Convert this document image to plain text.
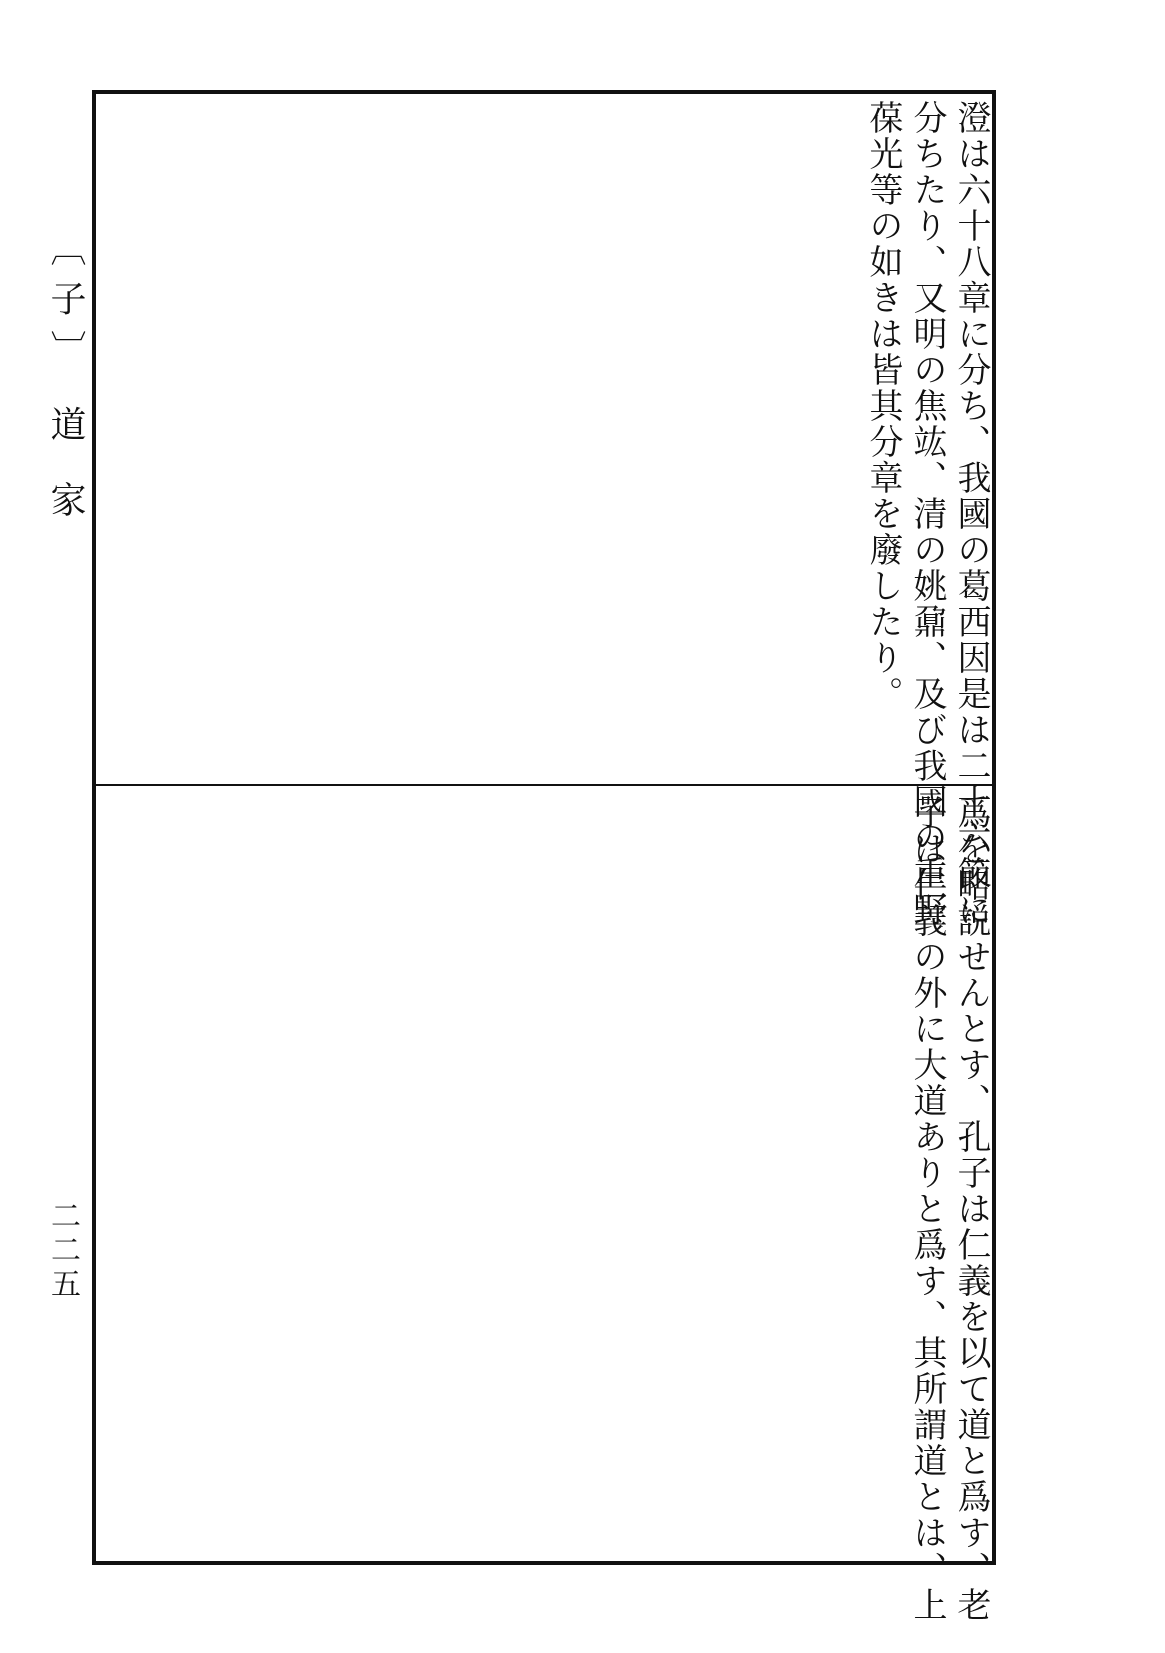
〔子〕 道 家
二二五
澄は六十八章に分ち、我國の葛西因是は二十六節に
分ちたり、又明の焦竑、清の姚鼐、及び我國の重野
葆光等の如きは皆其分章を廢したり。
爲を略説せんとす、孔子は仁義を以て道と爲す、老
子は仁義の外に大道ありと爲す、其所謂道とは、上
